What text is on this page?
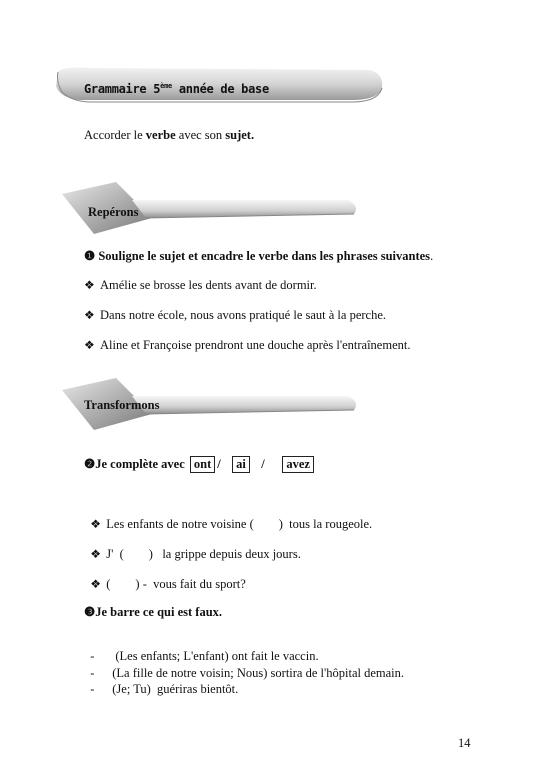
Grammaire 5ème année de base
Accorder le verbe avec son sujet.
Repérons
❶ Souligne le sujet et encadre le verbe dans les phrases suivantes.
❖ Amélie se brosse les dents avant de dormir.
❖ Dans notre école, nous avons pratiqué le saut à la perche.
❖ Aline et Françoise prendront une douche après l'entraînement.
Transformons
❷Je complète avec ont / ai / avez

❖ Les enfants de notre voisine (        )  tous la rougeole.

❖ J'  (        )   la grippe depuis deux jours.

❖ (        ) -  vous fait du sport?

❸Je barre ce qui est faux.

- (Les enfants; L'enfant) ont fait le vaccin.

- (La fille de notre voisin; Nous) sortira de l'hôpital demain.

- (Je; Tu)  guériras bientôt.

14
